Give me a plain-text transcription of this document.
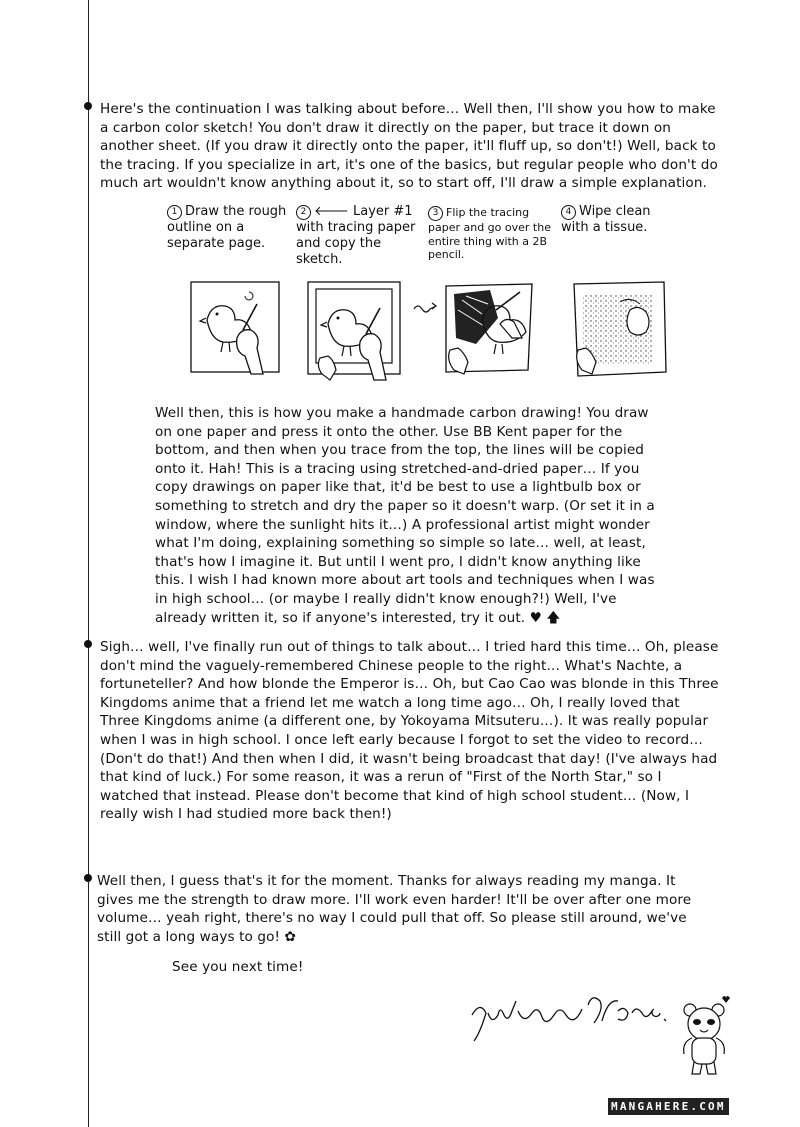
Here's the continuation I was talking about before… Well then, I'll show you how to make a carbon color sketch! You don't draw it directly on the paper, but trace it down on another sheet. (If you draw it directly onto the paper, it'll fluff up, so don't!) Well, back to the tracing. If you specialize in art, it's one of the basics, but regular people who don't do much art wouldn't know anything about it, so to start off, I'll draw a simple explanation.

1 Draw the rough outline on a separate page.
2 🡐 Layer #1 with tracing paper and copy the sketch.
3 Flip the tracing paper and go over the entire thing with a 2B pencil.
4 Wipe clean with a tissue.

Well then, this is how you make a handmade carbon drawing! You draw on one paper and press it onto the other. Use BB Kent paper for the bottom, and then when you trace from the top, the lines will be copied onto it. Hah! This is a tracing using stretched-and-dried paper… If you copy drawings on paper like that, it'd be best to use a lightbulb box or something to stretch and dry the paper so it doesn't warp. (Or set it in a window, where the sunlight hits it…) A professional artist might wonder what I'm doing, explaining something so simple so late… well, at least, that's how I imagine it. But until I went pro, I didn't know anything like this. I wish I had known more about art tools and techniques when I was in high school… (or maybe I really didn't know enough?!) Well, I've already written it, so if anyone's interested, try it out. ♥ 🡅

Sigh… well, I've finally run out of things to talk about… I tried hard this time… Oh, please don't mind the vaguely-remembered Chinese people to the right… What's Nachte, a fortuneteller? And how blonde the Emperor is… Oh, but Cao Cao was blonde in this Three Kingdoms anime that a friend let me watch a long time ago… Oh, I really loved that Three Kingdoms anime (a different one, by Yokoyama Mitsuteru…). It was really popular when I was in high school. I once left early because I forgot to set the video to record… (Don't do that!) And then when I did, it wasn't being broadcast that day! (I've always had that kind of luck.) For some reason, it was a rerun of "First of the North Star," so I watched that instead. Please don't become that kind of high school student… (Now, I really wish I had studied more back then!)

Well then, I guess that's it for the moment. Thanks for always reading my manga. It gives me the strength to draw more. I'll work even harder! It'll be over after one more volume… yeah right, there's no way I could pull that off. So please still around, we've still got a long ways to go! ✿

See you next time!

MANGAHERE.COM
